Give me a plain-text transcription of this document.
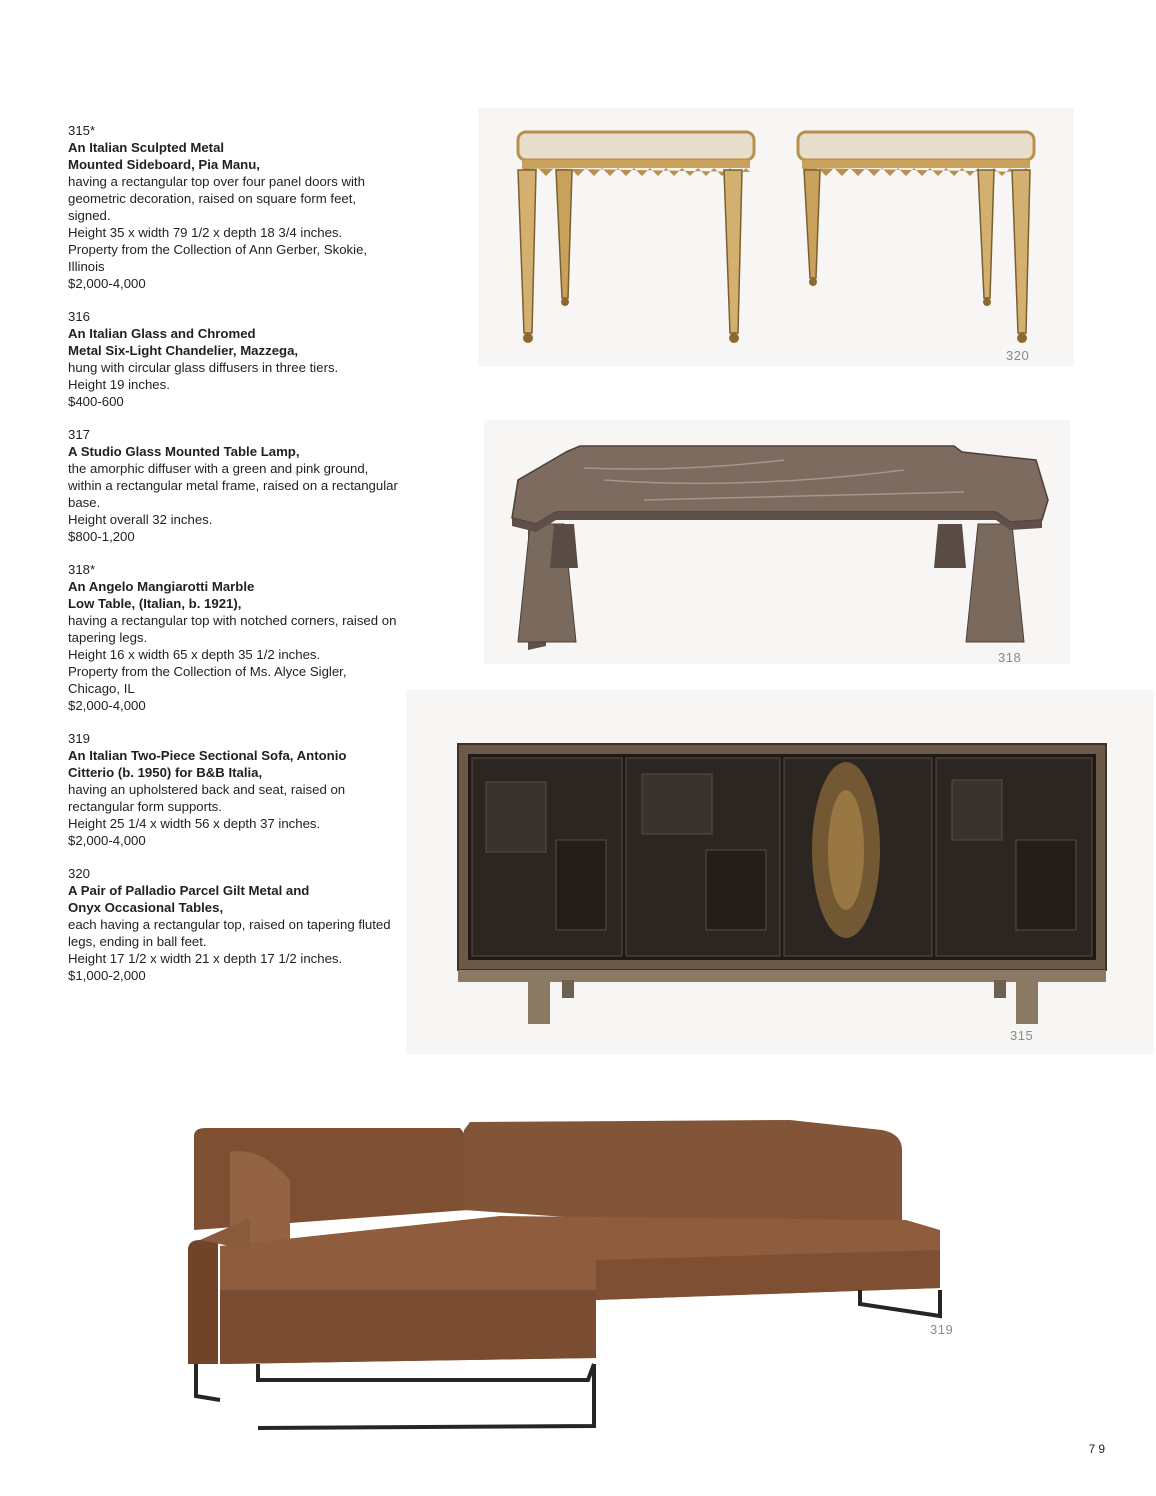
315*
An Italian Sculpted Metal
Mounted Sideboard, Pia Manu,
having a rectangular top over four panel doors with geometric decoration, raised on square form feet, signed.
Height 35 x width 79 1/2 x depth 18 3/4 inches.
Property from the Collection of Ann Gerber, Skokie, Illinois
$2,000-4,000
316
An Italian Glass and Chromed
Metal Six-Light Chandelier, Mazzega,
hung with circular glass diffusers in three tiers.
Height 19 inches.
$400-600
317
A Studio Glass Mounted Table Lamp,
the amorphic diffuser with a green and pink ground, within a rectangular metal frame, raised on a rectangular base.
Height overall 32 inches.
$800-1,200
318*
An Angelo Mangiarotti Marble
Low Table, (Italian, b. 1921),
having a rectangular top with notched corners, raised on tapering legs.
Height 16 x width 65 x depth 35 1/2 inches.
Property from the Collection of Ms. Alyce Sigler, Chicago, IL
$2,000-4,000
319
An Italian Two-Piece Sectional Sofa, Antonio
Citterio (b. 1950) for B&B Italia,
having an upholstered back and seat, raised on rectangular form supports.
Height 25 1/4 x width 56 x depth 37 inches.
$2,000-4,000
320
A Pair of Palladio Parcel Gilt Metal and
Onyx Occasional Tables,
each having a rectangular top, raised on tapering fluted legs, ending in ball feet.
Height 17 1/2 x width 21 x depth 17 1/2 inches.
$1,000-2,000
320
318
315
319
79
